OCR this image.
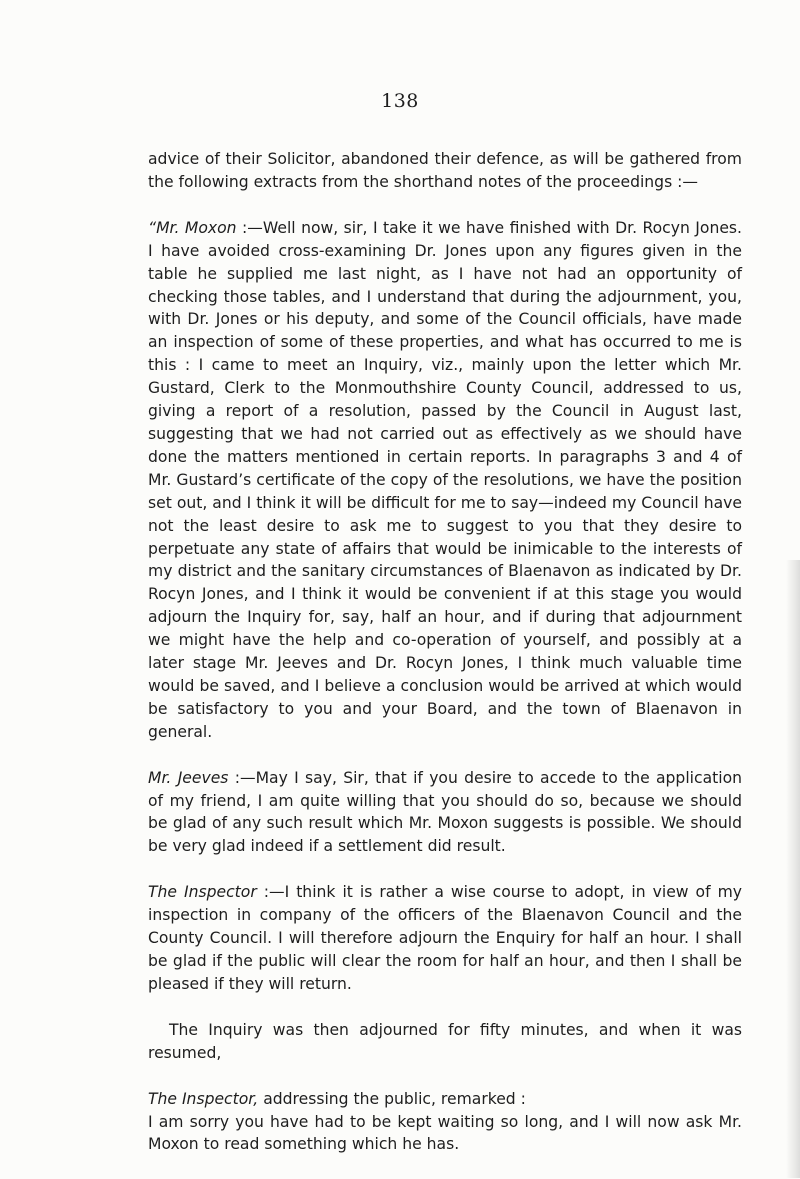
138

advice of their Solicitor, abandoned their defence, as will be gathered from the following extracts from the shorthand notes of the proceedings :—

“Mr. Moxon :—Well now, sir, I take it we have finished with Dr. Rocyn Jones. I have avoided cross-examining Dr. Jones upon any figures given in the table he supplied me last night, as I have not had an opportunity of checking those tables, and I understand that during the adjournment, you, with Dr. Jones or his deputy, and some of the Council officials, have made an inspection of some of these properties, and what has occurred to me is this : I came to meet an Inquiry, viz., mainly upon the letter which Mr. Gustard, Clerk to the Monmouthshire County Council, addressed to us, giving a report of a resolution, passed by the Council in August last, suggesting that we had not carried out as effectively as we should have done the matters mentioned in certain reports. In paragraphs 3 and 4 of Mr. Gustard’s certificate of the copy of the resolutions, we have the position set out, and I think it will be difficult for me to say—indeed my Council have not the least desire to ask me to suggest to you that they desire to perpetuate any state of affairs that would be inimicable to the interests of my district and the sanitary circumstances of Blaenavon as indicated by Dr. Rocyn Jones, and I think it would be convenient if at this stage you would adjourn the Inquiry for, say, half an hour, and if during that adjournment we might have the help and co-operation of yourself, and possibly at a later stage Mr. Jeeves and Dr. Rocyn Jones, I think much valuable time would be saved, and I believe a conclusion would be arrived at which would be satisfactory to you and your Board, and the town of Blaenavon in general.

Mr. Jeeves :—May I say, Sir, that if you desire to accede to the application of my friend, I am quite willing that you should do so, because we should be glad of any such result which Mr. Moxon suggests is possible. We should be very glad indeed if a settlement did result.

The Inspector :—I think it is rather a wise course to adopt, in view of my inspection in company of the officers of the Blaenavon Council and the County Council. I will therefore adjourn the Enquiry for half an hour. I shall be glad if the public will clear the room for half an hour, and then I shall be pleased if they will return.

The Inquiry was then adjourned for fifty minutes, and when it was resumed,

The Inspector, addressing the public, remarked :

I am sorry you have had to be kept waiting so long, and I will now ask Mr. Moxon to read something which he has.
